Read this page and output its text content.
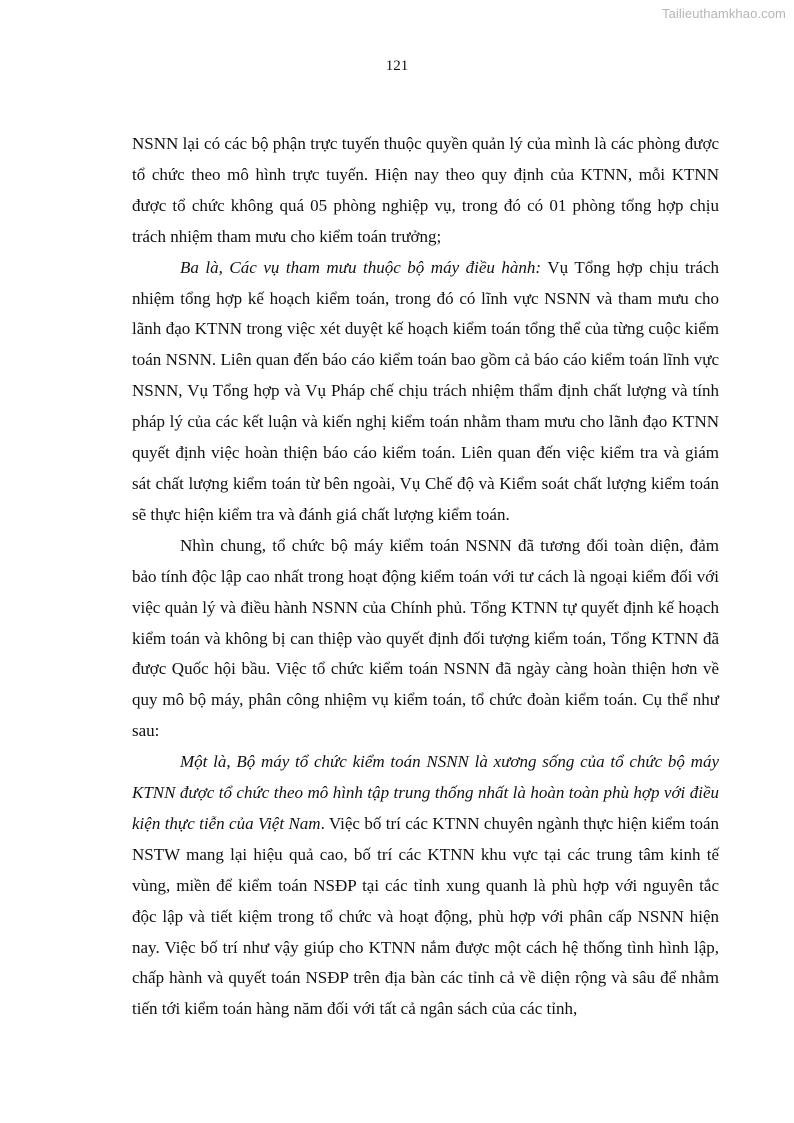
Tailieuthamkhao.com
121

NSNN lại có các bộ phận trực tuyến thuộc quyền quản lý của mình là các phòng được tổ chức theo mô hình trực tuyến. Hiện nay theo quy định của KTNN, mỗi KTNN được tổ chức không quá 05 phòng nghiệp vụ, trong đó có 01 phòng tổng hợp chịu trách nhiệm tham mưu cho kiểm toán trưởng;

Ba là, Các vụ tham mưu thuộc bộ máy điều hành: Vụ Tổng hợp chịu trách nhiệm tổng hợp kế hoạch kiểm toán, trong đó có lĩnh vực NSNN và tham mưu cho lãnh đạo KTNN trong việc xét duyệt kế hoạch kiểm toán tổng thể của từng cuộc kiểm toán NSNN. Liên quan đến báo cáo kiểm toán bao gồm cả báo cáo kiểm toán lĩnh vực NSNN, Vụ Tổng hợp và Vụ Pháp chế chịu trách nhiệm thẩm định chất lượng và tính pháp lý của các kết luận và kiến nghị kiểm toán nhằm tham mưu cho lãnh đạo KTNN quyết định việc hoàn thiện báo cáo kiểm toán. Liên quan đến việc kiểm tra và giám sát chất lượng kiểm toán từ bên ngoài, Vụ Chế độ và Kiểm soát chất lượng kiểm toán sẽ thực hiện kiểm tra và đánh giá chất lượng kiểm toán.

Nhìn chung, tổ chức bộ máy kiểm toán NSNN đã tương đối toàn diện, đảm bảo tính độc lập cao nhất trong hoạt động kiểm toán với tư cách là ngoại kiểm đối với việc quản lý và điều hành NSNN của Chính phủ. Tổng KTNN tự quyết định kế hoạch kiểm toán và không bị can thiệp vào quyết định đối tượng kiểm toán, Tổng KTNN đã được Quốc hội bầu. Việc tổ chức kiểm toán NSNN đã ngày càng hoàn thiện hơn về quy mô bộ máy, phân công nhiệm vụ kiểm toán, tổ chức đoàn kiểm toán. Cụ thể như sau:

Một là, Bộ máy tổ chức kiểm toán NSNN là xương sống của tổ chức bộ máy KTNN được tổ chức theo mô hình tập trung thống nhất là hoàn toàn phù hợp với điều kiện thực tiễn của Việt Nam. Việc bố trí các KTNN chuyên ngành thực hiện kiểm toán NSTW mang lại hiệu quả cao, bố trí các KTNN khu vực tại các trung tâm kinh tế vùng, miền để kiểm toán NSĐP tại các tỉnh xung quanh là phù hợp với nguyên tắc độc lập và tiết kiệm trong tổ chức và hoạt động, phù hợp với phân cấp NSNN hiện nay. Việc bố trí như vậy giúp cho KTNN nắm được một cách hệ thống tình hình lập, chấp hành và quyết toán NSĐP trên địa bàn các tỉnh cả về diện rộng và sâu để nhằm tiến tới kiểm toán hàng năm đối với tất cả ngân sách của các tỉnh,
